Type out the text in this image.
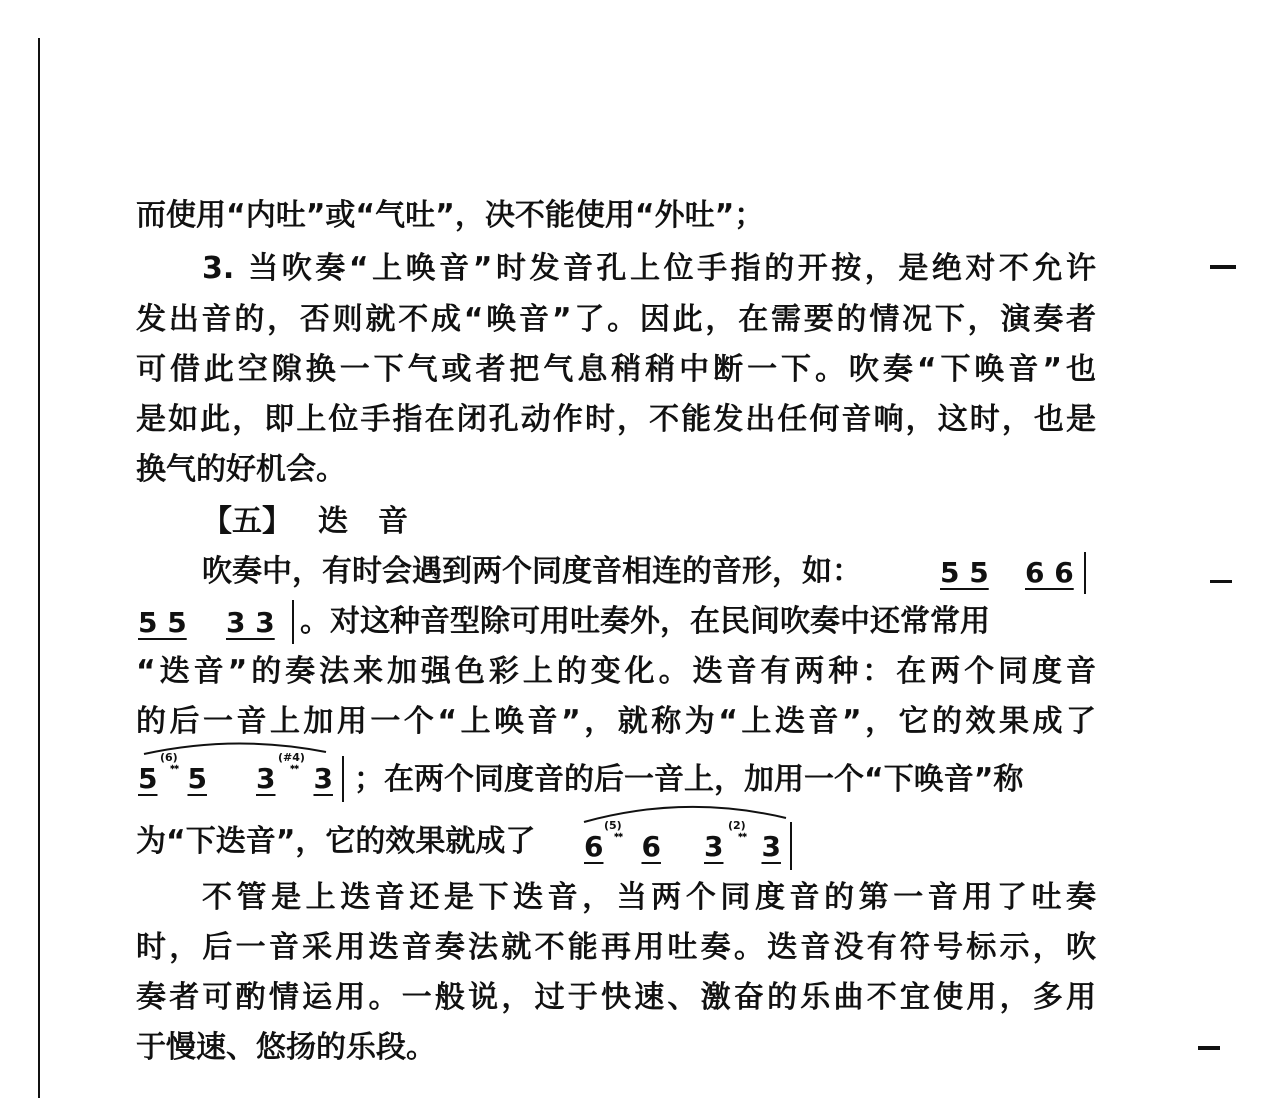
而使用“内吐”或“气吐”，决不能使用“外吐”；
3. 当吹奏“上唤音”时发音孔上位手指的开按，是绝对不允许
发出音的，否则就不成“唤音”了。因此，在需要的情况下，演奏者
可借此空隙换一下气或者把气息稍稍中断一下。吹奏“下唤音”也
是如此，即上位手指在闭孔动作时，不能发出任何音响，这时，也是
换气的好机会。
【五】 迭音
吹奏中，有时会遇到两个同度音相连的音形，如：	5 5 6 6
5 5 3 3 。对这种音型除可用吐奏外，在民间吹奏中还常常用
“迭音”的奏法来加强色彩上的变化。迭音有两种：在两个同度音
的后一音上加用一个“上唤音”，就称为“上迭音”，它的效果成了
(6)
ᕯ
5 5
(#4)
ᕯ
3 3 ；在两个同度音的后一音上，加用一个“下唤音”称
为“下迭音”，它的效果就成了	(5)
ᕯ
6 6
(2)
ᕯ
3 3
不管是上迭音还是下迭音，当两个同度音的第一音用了吐奏
时，后一音采用迭音奏法就不能再用吐奏。迭音没有符号标示，吹
奏者可酌情运用。一般说，过于快速、激奋的乐曲不宜使用，多用
于慢速、悠扬的乐段。
